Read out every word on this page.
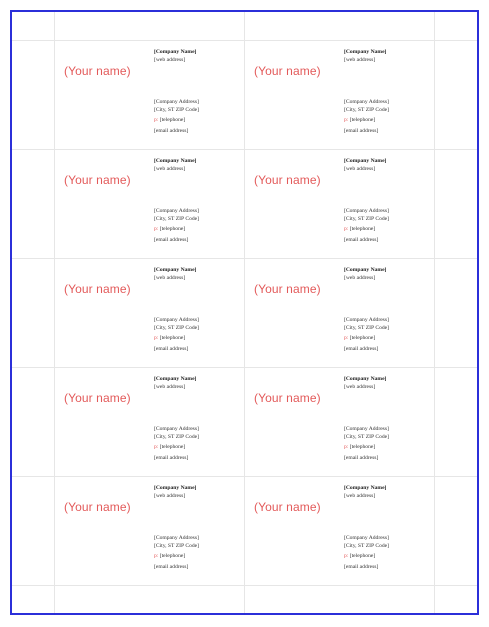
(Your name)
[Company Name]
[web address]
[Company Address]
[City, ST ZIP Code]
p: [telephone]
[email address]
(Your name)
[Company Name]
[web address]
[Company Address]
[City, ST ZIP Code]
p: [telephone]
[email address]
(Your name)
[Company Name]
[web address]
[Company Address]
[City, ST ZIP Code]
p: [telephone]
[email address]
(Your name)
[Company Name]
[web address]
[Company Address]
[City, ST ZIP Code]
p: [telephone]
[email address]
(Your name)
[Company Name]
[web address]
[Company Address]
[City, ST ZIP Code]
p: [telephone]
[email address]
(Your name)
[Company Name]
[web address]
[Company Address]
[City, ST ZIP Code]
p: [telephone]
[email address]
(Your name)
[Company Name]
[web address]
[Company Address]
[City, ST ZIP Code]
p: [telephone]
[email address]
(Your name)
[Company Name]
[web address]
[Company Address]
[City, ST ZIP Code]
p: [telephone]
[email address]
(Your name)
[Company Name]
[web address]
[Company Address]
[City, ST ZIP Code]
p: [telephone]
[email address]
(Your name)
[Company Name]
[web address]
[Company Address]
[City, ST ZIP Code]
p: [telephone]
[email address]
